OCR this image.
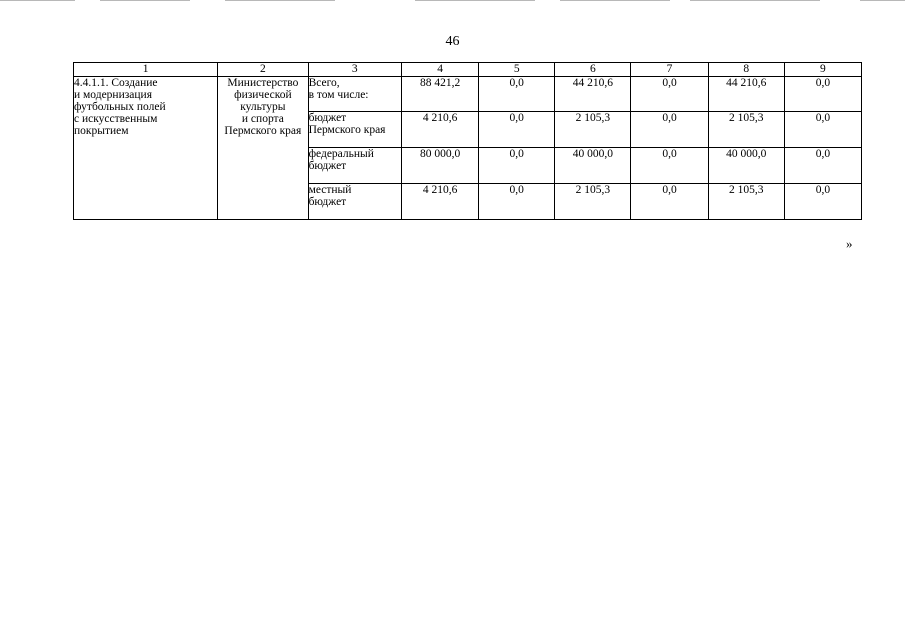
46
1	2	3	4	5	6	7	8	9

4.4.1.1. Создание
и модернизация
футбольных полей
с искусственным
покрытием	Министерство
физической
культуры
и спорта
Пермского края	Всего,
в том числе:	88 421,2	0,0	44 210,6	0,0	44 210,6	0,0

		бюджет
Пермского края	4 210,6	0,0	2 105,3	0,0	2 105,3	0,0

		федеральный
бюджет	80 000,0	0,0	40 000,0	0,0	40 000,0	0,0

		местный
бюджет	4 210,6	0,0	2 105,3	0,0	2 105,3	0,0
»
